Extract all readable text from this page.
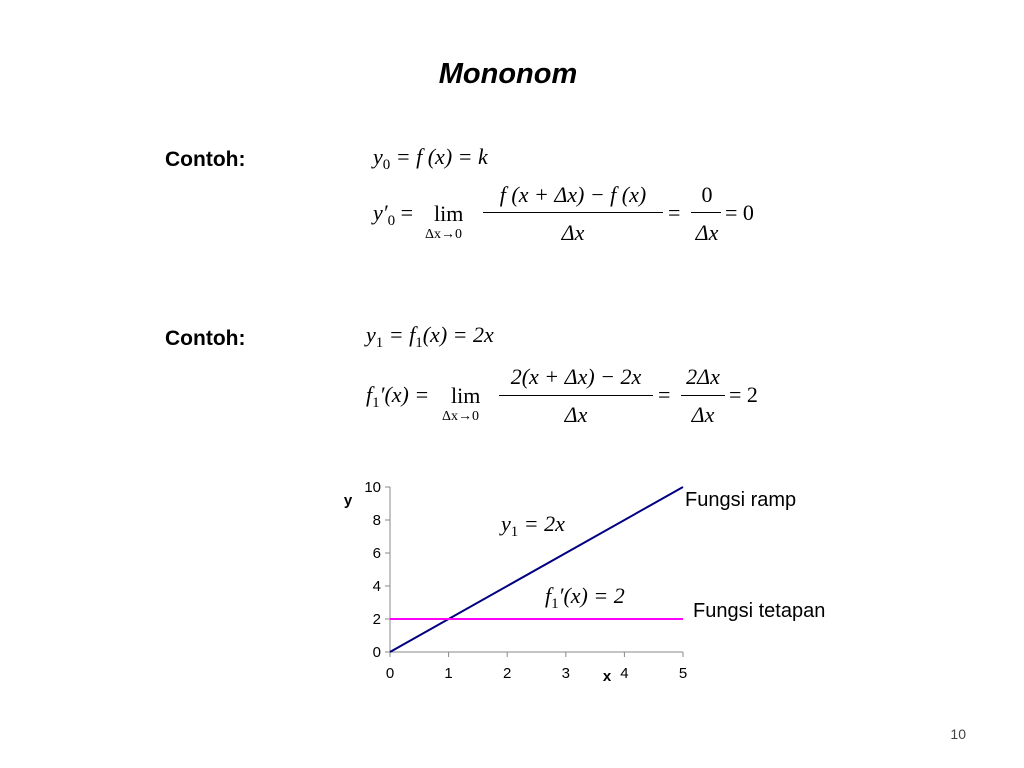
Mononom
Contoh:	$y_0 = f$ (x) = k
$y'_0 = \lim$
Δx→0
f (x + Δx) − f (x)
Δx
=
0
Δx
= 0
Contoh:	$y_1 = f_1(x) = 2x$
$f_1'(x) = \lim$
Δx→0
2(x + Δx) − 2x
Δx
=
2Δx
Δx
= 2
0
2
4
6
8
10
0	1	2	3	4	5
y
x
$y_1 = 2x$
$f_1'(x) = 2$
Fungsi ramp
Fungsi tetapan
10
